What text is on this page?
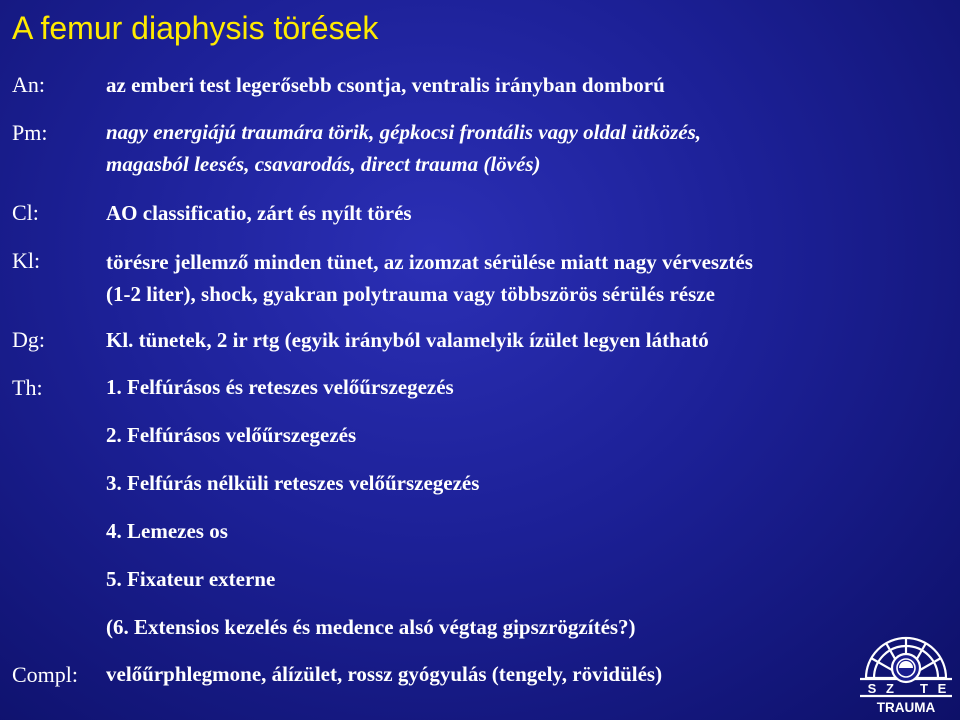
A femur diaphysis törések
An:	az emberi test legerősebb csontja, ventralis irányban domború
Pm:	nagy energiájú traumára törik, gépkocsi frontális vagy oldal ütközés,
magasból leesés, csavarodás, direct trauma (lövés)
Cl:	AO classificatio, zárt és nyílt törés
Kl:	törésre jellemző minden tünet, az izomzat sérülése miatt nagy vérvesztés
(1-2 liter), shock, gyakran polytrauma vagy többszörös sérülés része
Dg:	Kl. tünetek, 2 ir rtg (egyik irányból valamelyik ízület legyen látható
Th:	1. Felfúrásos és reteszes velőűrszegezés
2. Felfúrásos velőűrszegezés
3. Felfúrás nélküli reteszes velőűrszegezés
4. Lemezes os
5. Fixateur externe
(6. Extensios kezelés és medence alsó végtag gipszrögzítés?)
Compl: velőűrphlegmone, álízület, rossz gyógyulás (tengely, rövidülés)
S Z T E
TRAUMA
